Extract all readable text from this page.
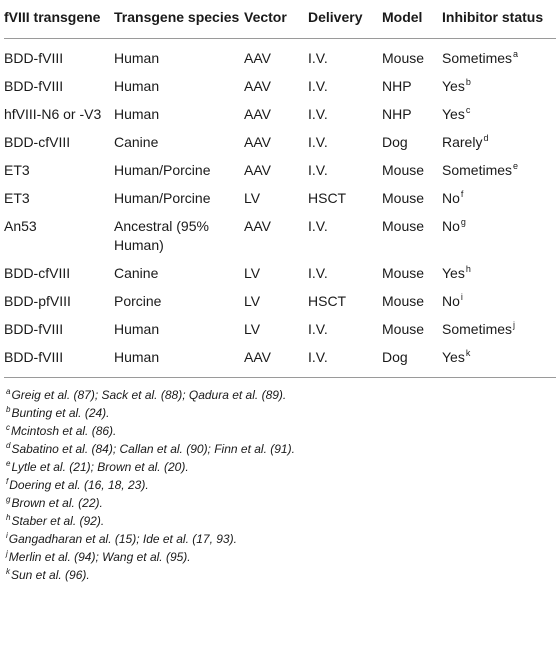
fVIII transgene	Transgene species	Vector	Delivery	Model	Inhibitor status
BDD-fVIII	Human	AAV	I.V.	Mouse	Sometimes$^a$
BDD-fVIII	Human	AAV	I.V.	NHP	Yes$^b$
hfVIII-N6 or -V3	Human	AAV	I.V.	NHP	Yes$^c$
BDD-cfVIII	Canine	AAV	I.V.	Dog	Rarely$^d$
ET3	Human/Porcine	AAV	I.V.	Mouse	Sometimes$^e$
ET3	Human/Porcine	LV	HSCT	Mouse	No$^f$
An53	Ancestral (95% Human)	AAV	I.V.	Mouse	No$^g$
BDD-cfVIII	Canine	LV	I.V.	Mouse	Yes$^h$
BDD-pfVIII	Porcine	LV	HSCT	Mouse	No$^i$
BDD-fVIII	Human	LV	I.V.	Mouse	Sometimes$^j$
BDD-fVIII	Human	AAV	I.V.	Dog	Yes$^k$
$^a$Greig et al. (87); Sack et al. (88); Qadura et al. (89).
$^b$Bunting et al. (24).
$^c$Mcintosh et al. (86).
$^d$Sabatino et al. (84); Callan et al. (90); Finn et al. (91).
$^e$Lytle et al. (21); Brown et al. (20).
$^f$Doering et al. (16, 18, 23).
$^g$Brown et al. (22).
$^h$Staber et al. (92).
$^i$Gangadharan et al. (15); Ide et al. (17, 93).
$^j$Merlin et al. (94); Wang et al. (95).
$^k$Sun et al. (96).
